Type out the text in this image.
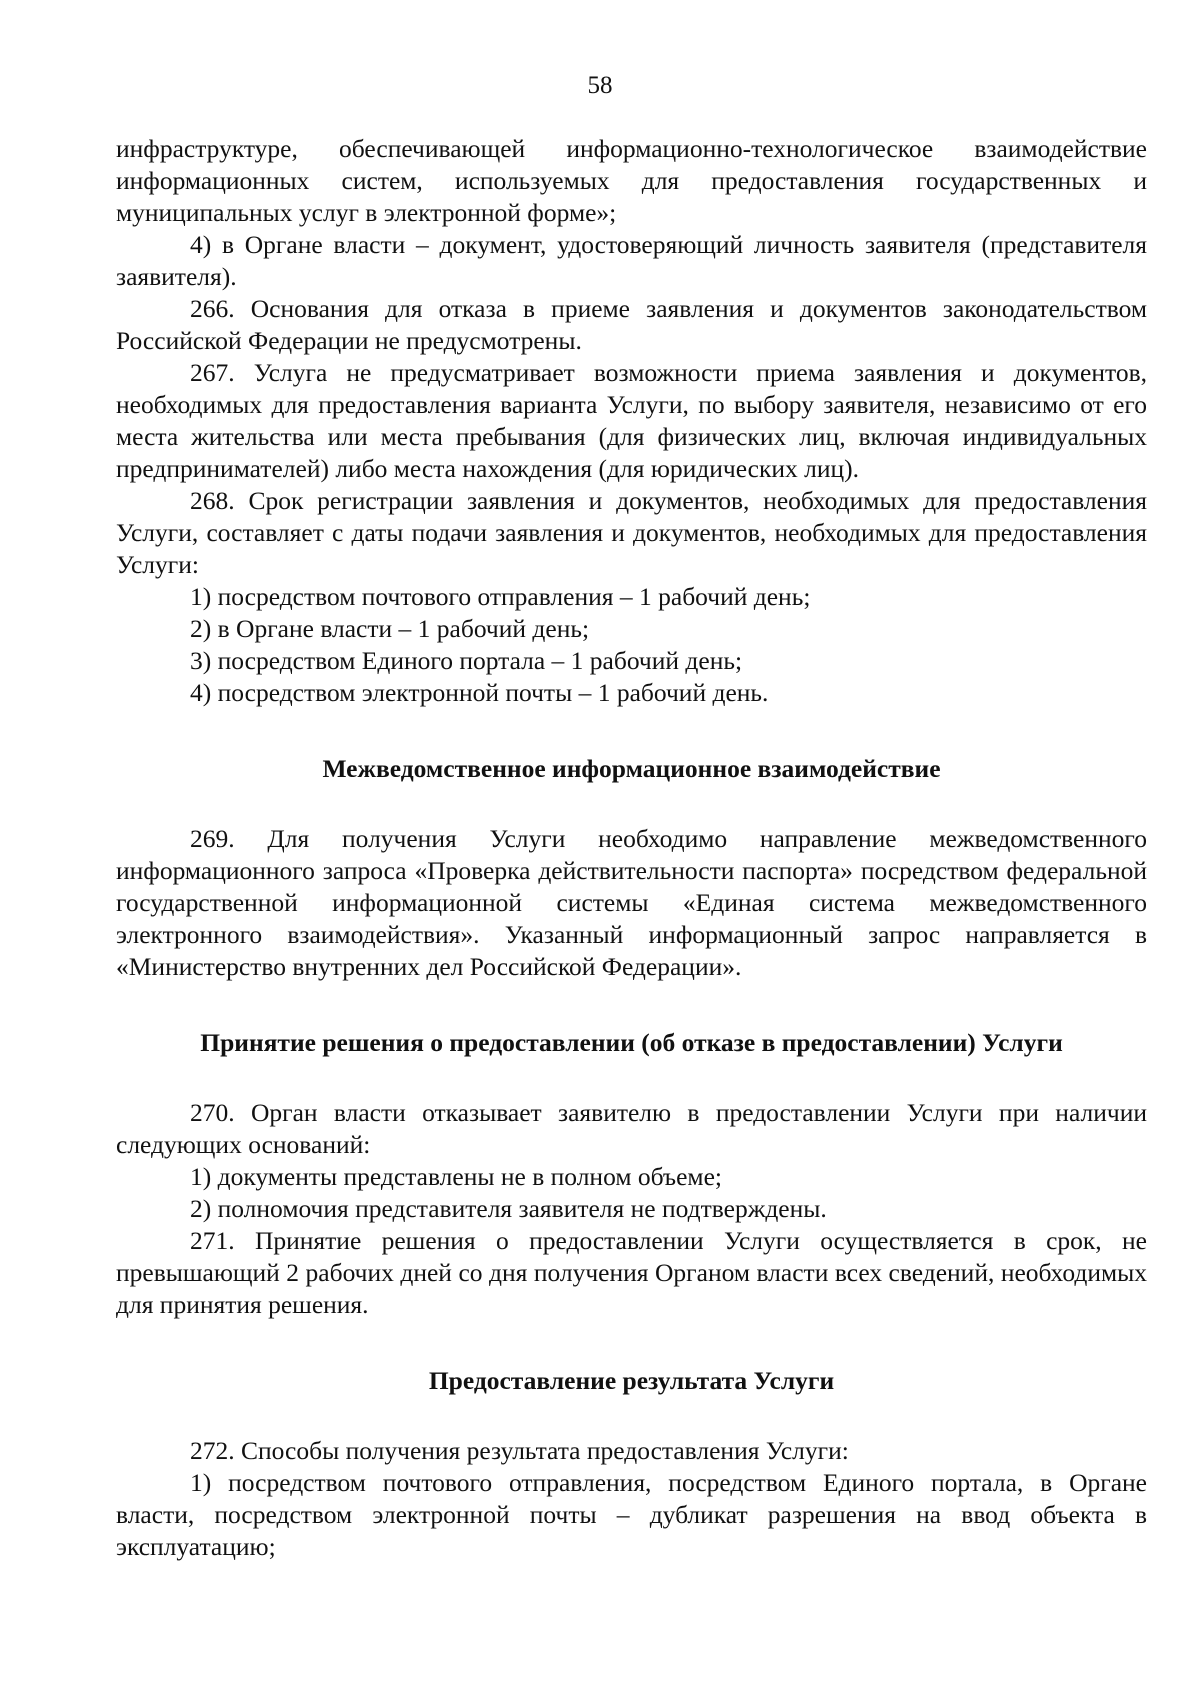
58

инфраструктуре, обеспечивающей информационно-технологическое взаимодействие информационных систем, используемых для предоставления государственных и муниципальных услуг в электронной форме»;

4) в Органе власти – документ, удостоверяющий личность заявителя (представителя заявителя).

266. Основания для отказа в приеме заявления и документов законодательством Российской Федерации не предусмотрены.

267. Услуга не предусматривает возможности приема заявления и документов, необходимых для предоставления варианта Услуги, по выбору заявителя, независимо от его места жительства или места пребывания (для физических лиц, включая индивидуальных предпринимателей) либо места нахождения (для юридических лиц).

268. Срок регистрации заявления и документов, необходимых для предоставления Услуги, составляет с даты подачи заявления и документов, необходимых для предоставления Услуги:

1) посредством почтового отправления – 1 рабочий день;

2) в Органе власти – 1 рабочий день;

3) посредством Единого портала – 1 рабочий день;

4) посредством электронной почты – 1 рабочий день.

Межведомственное информационное взаимодействие

269. Для получения Услуги необходимо направление межведомственного информационного запроса «Проверка действительности паспорта» посредством федеральной государственной информационной системы «Единая система межведомственного электронного взаимодействия». Указанный информационный запрос направляется в «Министерство внутренних дел Российской Федерации».

Принятие решения о предоставлении (об отказе в предоставлении) Услуги

270. Орган власти отказывает заявителю в предоставлении Услуги при наличии следующих оснований:

1) документы представлены не в полном объеме;

2) полномочия представителя заявителя не подтверждены.

271. Принятие решения о предоставлении Услуги осуществляется в срок, не превышающий 2 рабочих дней со дня получения Органом власти всех сведений, необходимых для принятия решения.

Предоставление результата Услуги

272. Способы получения результата предоставления Услуги:

1) посредством почтового отправления, посредством Единого портала, в Органе власти, посредством электронной почты – дубликат разрешения на ввод объекта в эксплуатацию;
